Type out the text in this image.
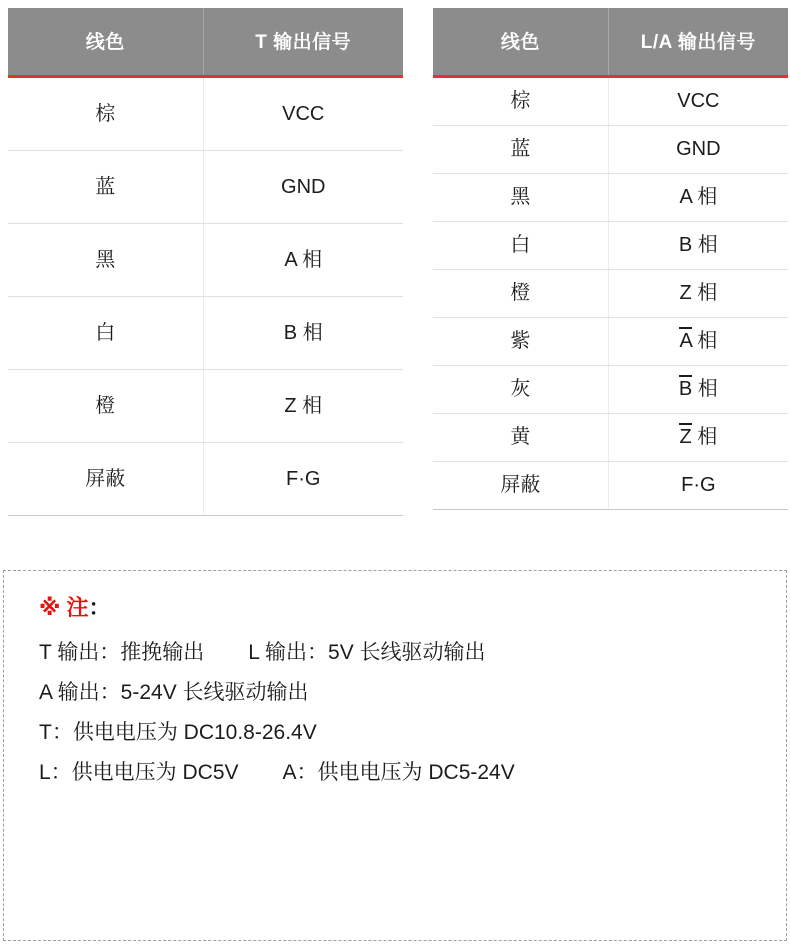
线色	T 输出信号
棕	VCC
蓝	GND
黑	A 相
白	B 相
橙	Z 相
屏蔽	F·G
线色	L/A 输出信号
棕	VCC
蓝	GND
黑	A 相
白	B 相
橙	Z 相
紫	A 相
灰	B 相
黄	Z 相
屏蔽	F·G
※ 注：
T 输出：推挽输出 L 输出：5V 长线驱动输出
A 输出：5-24V 长线驱动输出
T：供电电压为 DC10.8-26.4V
L：供电电压为 DC5V A：供电电压为 DC5-24V
